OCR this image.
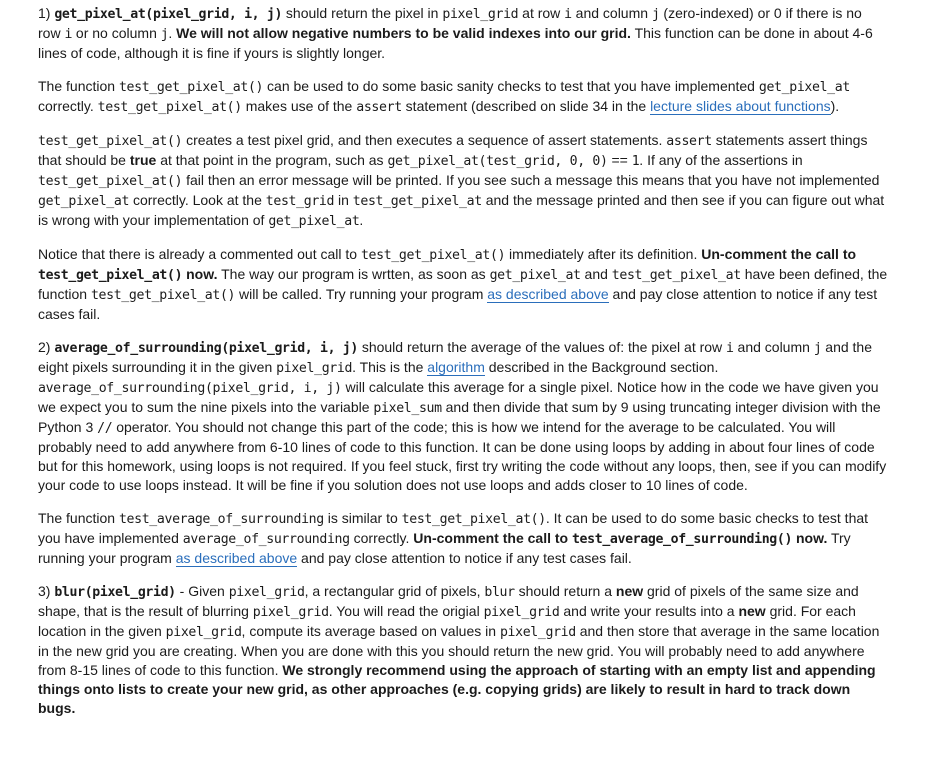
1) get_pixel_at(pixel_grid, i, j) should return the pixel in pixel_grid at row i and column j (zero-indexed) or 0 if there is no row i or no column j. We will not allow negative numbers to be valid indexes into our grid. This function can be done in about 4-6 lines of code, although it is fine if yours is slightly longer.

The function test_get_pixel_at() can be used to do some basic sanity checks to test that you have implemented get_pixel_at correctly. test_get_pixel_at() makes use of the assert statement (described on slide 34 in the lecture slides about functions).

test_get_pixel_at() creates a test pixel grid, and then executes a sequence of assert statements. assert statements assert things that should be true at that point in the program, such as get_pixel_at(test_grid, 0, 0) == 1. If any of the assertions in test_get_pixel_at() fail then an error message will be printed. If you see such a message this means that you have not implemented get_pixel_at correctly. Look at the test_grid in test_get_pixel_at and the message printed and then see if you can figure out what is wrong with your implementation of get_pixel_at.

Notice that there is already a commented out call to test_get_pixel_at() immediately after its definition. Un-comment the call to test_get_pixel_at() now. The way our program is wrtten, as soon as get_pixel_at and test_get_pixel_at have been defined, the function test_get_pixel_at() will be called. Try running your program as described above and pay close attention to notice if any test cases fail.

2) average_of_surrounding(pixel_grid, i, j) should return the average of the values of: the pixel at row i and column j and the eight pixels surrounding it in the given pixel_grid. This is the algorithm described in the Background section. average_of_surrounding(pixel_grid, i, j) will calculate this average for a single pixel. Notice how in the code we have given you we expect you to sum the nine pixels into the variable pixel_sum and then divide that sum by 9 using truncating integer division with the Python 3 // operator. You should not change this part of the code; this is how we intend for the average to be calculated. You will probably need to add anywhere from 6-10 lines of code to this function. It can be done using loops by adding in about four lines of code but for this homework, using loops is not required. If you feel stuck, first try writing the code without any loops, then, see if you can modify your code to use loops instead. It will be fine if you solution does not use loops and adds closer to 10 lines of code.

The function test_average_of_surrounding is similar to test_get_pixel_at(). It can be used to do some basic checks to test that you have implemented average_of_surrounding correctly. Un-comment the call to test_average_of_surrounding() now. Try running your program as described above and pay close attention to notice if any test cases fail.

3) blur(pixel_grid) - Given pixel_grid, a rectangular grid of pixels, blur should return a new grid of pixels of the same size and shape, that is the result of blurring pixel_grid. You will read the origial pixel_grid and write your results into a new grid. For each location in the given pixel_grid, compute its average based on values in pixel_grid and then store that average in the same location in the new grid you are creating. When you are done with this you should return the new grid. You will probably need to add anywhere from 8-15 lines of code to this function. We strongly recommend using the approach of starting with an empty list and appending things onto lists to create your new grid, as other approaches (e.g. copying grids) are likely to result in hard to track down bugs.
